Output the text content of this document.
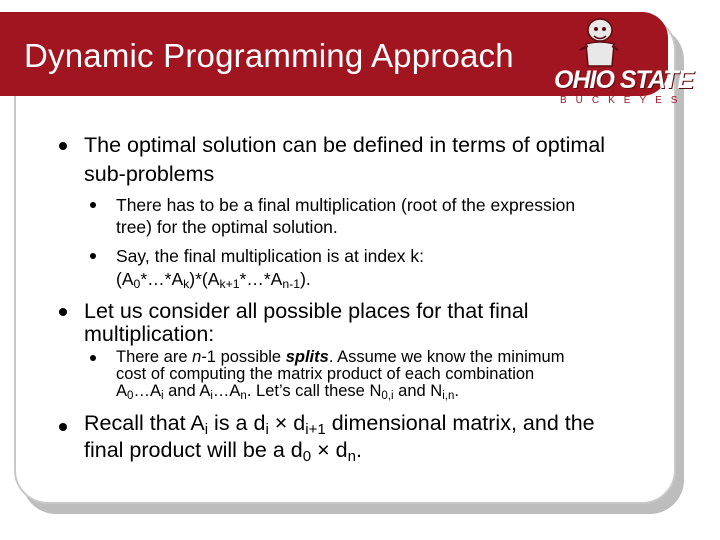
Dynamic Programming Approach
OHIO STATE
BUCKEYES
The optimal solution can be defined in terms of optimal
sub-problems
There has to be a final multiplication (root of the expression
tree) for the optimal solution.
Say, the final multiplication is at index k:
$(A_0*\dots*A_k)*(A_{k+1}*\dots*A_{n-1})$.
Let us consider all possible places for that final
multiplication:
There are n-1 possible splits. Assume we know the minimum
cost of computing the matrix product of each combination
$A_0\dots A_i$ and $A_i\dots A_n$. Let’s call these $N_{0,i}$ and $N_{i,n}$.
Recall that $A_i$ is a $d_i \times d_{i+1}$ dimensional matrix, and the
final product will be a $d_0 \times d_n$.
